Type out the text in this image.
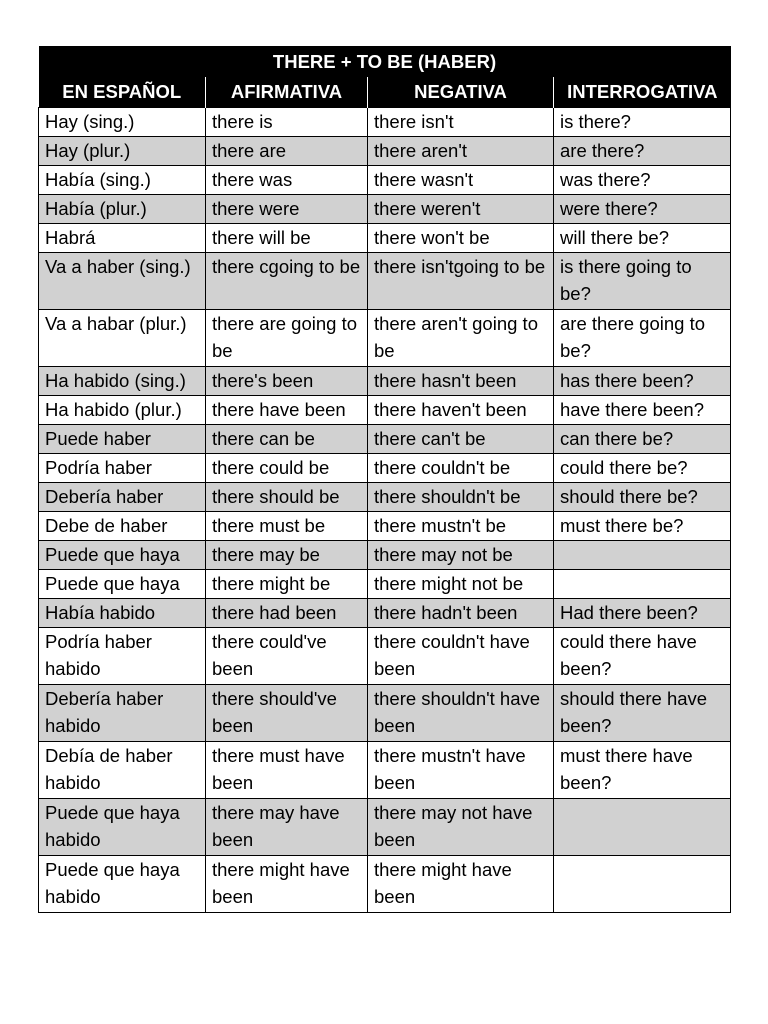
THERE + TO BE (HABER)			
EN ESPAÑOL	AFIRMATIVA	NEGATIVA	INTERROGATIVA
Hay (sing.)	there is	there isn't	is there?
Hay (plur.)	there are	there aren't	are there?
Había (sing.)	there was	there wasn't	was there?
Había (plur.)	there were	there weren't	were there?
Habrá	there will be	there won't be	will there be?
Va a haber (sing.)	there cgoing to be	there isn'tgoing to be	is there going to be?
Va a habar (plur.)	there are going to be	there aren't going to be	are there going to be?
Ha habido (sing.)	there's been	there hasn't been	has there been?
Ha habido (plur.)	there have been	there haven't been	have there been?
Puede haber	there can be	there can't be	can there be?
Podría haber	there could be	there couldn't be	could there be?
Debería haber	there should be	there shouldn't be	should there be?
Debe de haber	there must be	there mustn't be	must there be?
Puede que haya	there may be	there may not be	
Puede que haya	there might be	there might not be	
Había habido	there had been	there hadn't been	Had there been?
Podría haber habido	there could've been	there couldn't have been	could there have been?
Debería haber habido	there should've been	there shouldn't have been	should there have been?
Debía de haber habido	there must have been	there mustn't have been	must there have been?
Puede que haya habido	there may have been	there may not have been	
Puede que haya habido	there might have been	there might have been	
